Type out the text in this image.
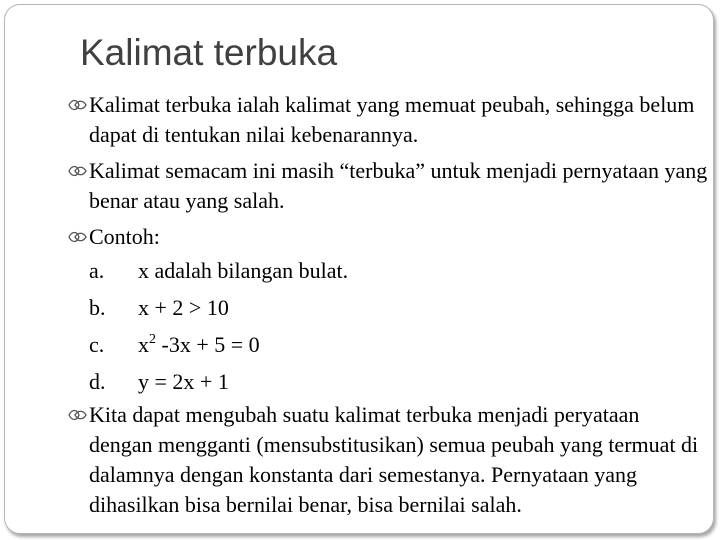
Kalimat terbuka
Kalimat terbuka ialah kalimat yang memuat peubah, sehingga belum dapat di tentukan nilai kebenarannya.
Kalimat semacam ini masih “terbuka” untuk menjadi pernyataan yang benar atau yang salah.
Contoh:
a. x adalah bilangan bulat.
b. x + 2 > 10
c. $x^2$ -3x + 5 = 0
d. y = 2x + 1
Kita dapat mengubah suatu kalimat terbuka menjadi peryataan dengan mengganti (mensubstitusikan) semua peubah yang termuat di dalamnya dengan konstanta dari semestanya. Pernyataan yang dihasilkan bisa bernilai benar, bisa bernilai salah.
